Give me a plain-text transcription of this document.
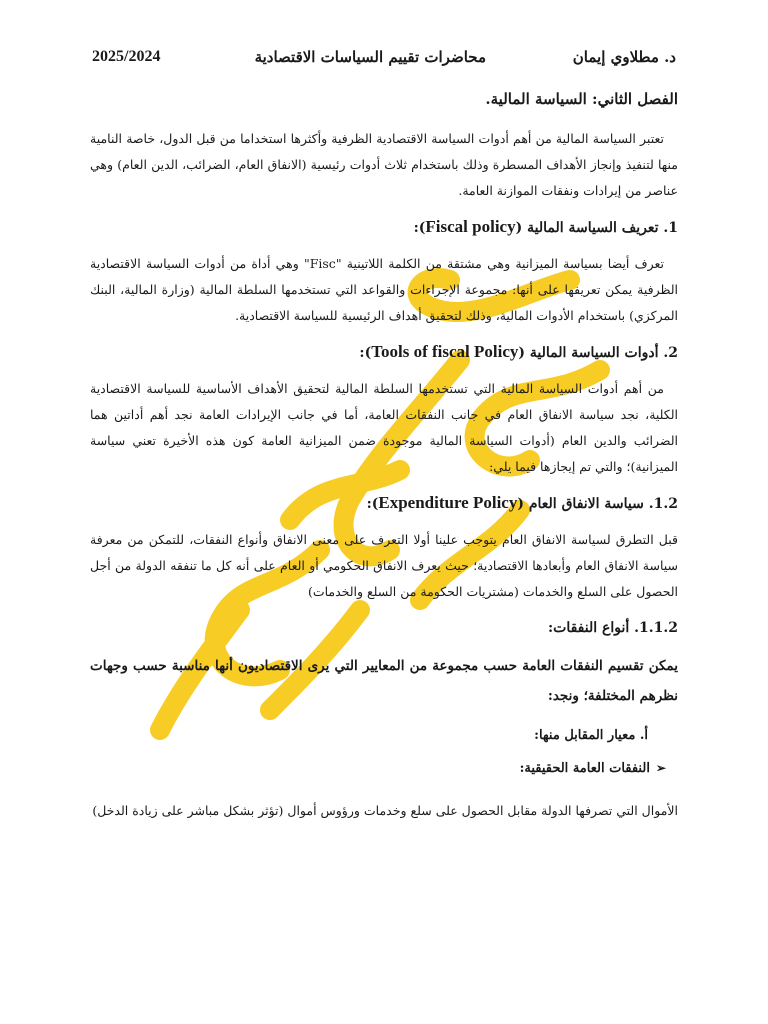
د. مطلاوي إيمان
محاضرات تقييم السياسات الاقتصادية
2025/2024
الفصل الثاني: السياسة المالية.

تعتبر السياسة المالية من أهم أدوات السياسة الاقتصادية الظرفية وأكثرها استخداما من قبل الدول، خاصة النامية منها لتنفيذ وإنجاز الأهداف المسطرة وذلك باستخدام ثلاث أدوات رئيسية (الانفاق العام، الضرائب، الدين العام) وهي عناصر من إيرادات ونفقات الموازنة العامة.

1. تعريف السياسة المالية (Fiscal policy):

تعرف أيضا بسياسة الميزانية وهي مشتقة من الكلمة اللاتينية "Fisc" وهي أداة من أدوات السياسة الاقتصادية الظرفية يمكن تعريفها على أنها: مجموعة الإجراءات والقواعد التي تستخدمها السلطة المالية (وزارة المالية، البنك المركزي) باستخدام الأدوات المالية، وذلك لتحقيق أهداف الرئيسية للسياسة الاقتصادية.

2. أدوات السياسة المالية (Tools of fiscal Policy):

من أهم أدوات السياسة المالية التي تستخدمها السلطة المالية لتحقيق الأهداف الأساسية للسياسة الاقتصادية الكلية، نجد سياسة الانفاق العام في جانب النفقات العامة، أما في جانب الإيرادات العامة نجد أهم أداتين هما الضرائب والدين العام (أدوات السياسة المالية موجودة ضمن الميزانية العامة كون هذه الأخيرة تعني سياسة الميزانية)؛ والتي تم إيجازها فيما يلي:

1.2. سياسة الانفاق العام (Expenditure Policy):

قبل التطرق لسياسة الانفاق العام يتوجب علينا أولا التعرف على معنى الانفاق وأنواع النفقات، للتمكن من معرفة سياسة الانفاق العام وأبعادها الاقتصادية؛ حيث يعرف الانفاق الحكومي أو العام على أنه كل ما تنفقه الدولة من أجل الحصول على السلع والخدمات (مشتريات الحكومة من السلع والخدمات)

1.1.2. أنواع النفقات:

يمكن تقسيم النفقات العامة حسب مجموعة من المعايير التي يرى الاقتصاديون أنها مناسبة حسب وجهات نظرهم المختلفة؛ ونجد:

أ. معيار المقابل منها:
➢النفقات العامة الحقيقية:

الأموال التي تصرفها الدولة مقابل الحصول على سلع وخدمات ورؤوس أموال (تؤثر بشكل مباشر على زيادة الدخل)
